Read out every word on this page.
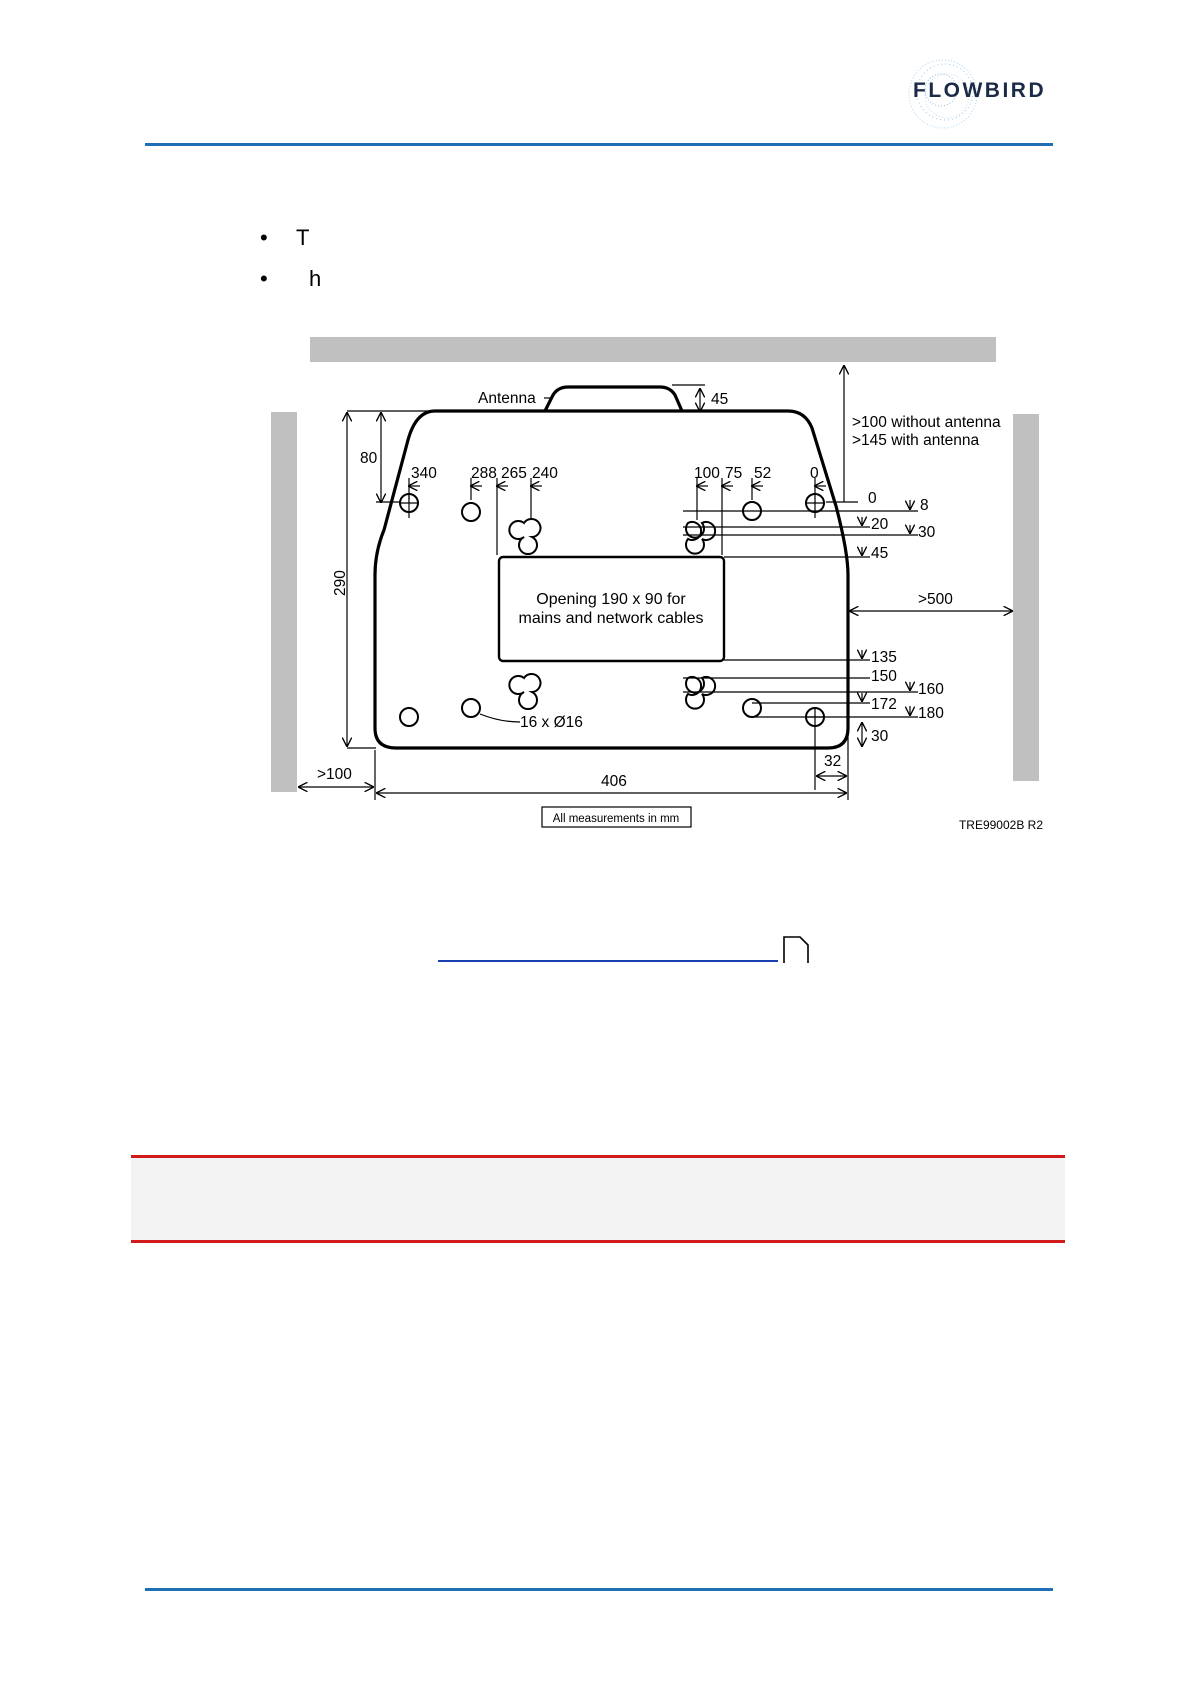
FLOWBIRD
• T
• h
Antenna	45
>100 without antenna
>145 with antenna
80
290
340 288 265 240	100 75 52	0
0
20
45
135
150
172
30
8
30
160
180
>500
Opening 190 x 90 for
mains and network cables
16 x Ø16
>100	406
32
All measurements in mm	TRE99002B R2
